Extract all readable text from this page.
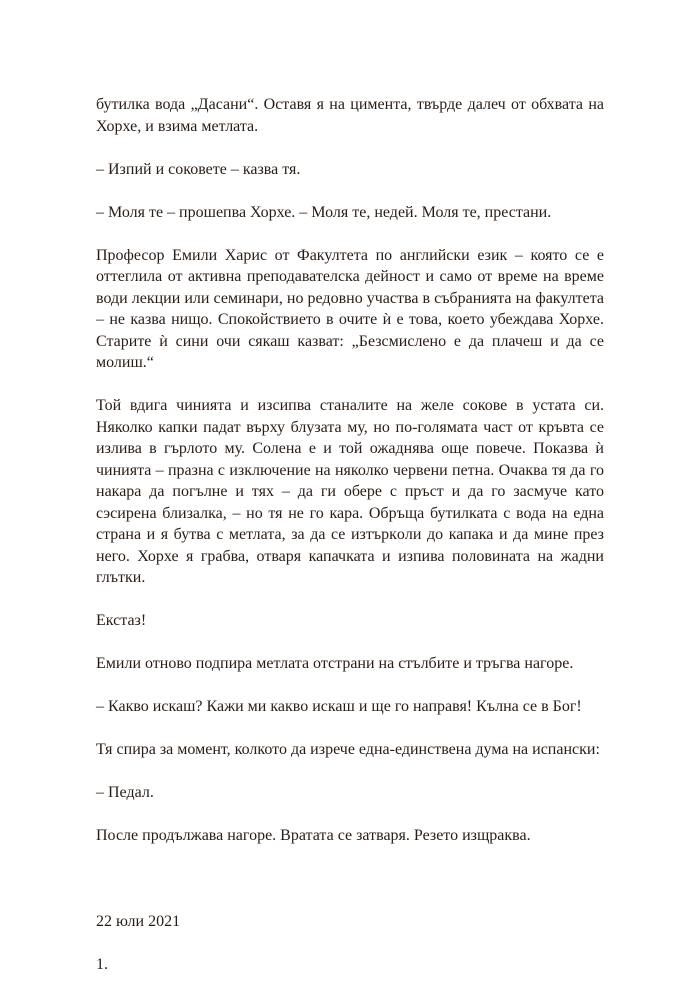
бутилка вода „Дасани“. Оставя я на цимента, твърде далеч от обхвата на Хорхе, и взима метлата.

– Изпий и соковете – казва тя.

– Моля те – прошепва Хорхе. – Моля те, недей. Моля те, престани.

Професор Емили Харис от Факултета по английски език – която се е оттеглила от активна преподавателска дейност и само от време на време води лекции или семинари, но редовно участва в събранията на факултета – не казва нищо. Спокойствието в очите ѝ е това, което убеждава Хорхе. Старите ѝ сини очи сякаш казват: „Безсмислено е да плачеш и да се молиш.“

Той вдига чинията и изсипва станалите на желе сокове в устата си. Няколко капки падат върху блузата му, но по-голямата част от кръвта се излива в гърлото му. Солена е и той ожаднява още повече. Показва ѝ чинията – празна с изключение на няколко червени петна. Очаква тя да го накара да погълне и тях – да ги обере с пръст и да го засмуче като сэсирена близалка, – но тя не го кара. Обръща бутилката с вода на една страна и я бутва с метлата, за да се изтъркoли до капака и да мине през него. Хорхе я грабва, отваря капачката и изпива половината на жадни глътки.

Екстаз!

Емили отново подпира метлата отстрани на стълбите и тръгва нагоре.

– Какво искаш? Кажи ми какво искаш и ще го направя! Кълна се в Бог!

Тя спира за момент, колкото да изрече една-единствена дума на испански:

– Педал.

После продължава нагоре. Вратата се затваря. Резето изщраква.

22 юли 2021

1.
